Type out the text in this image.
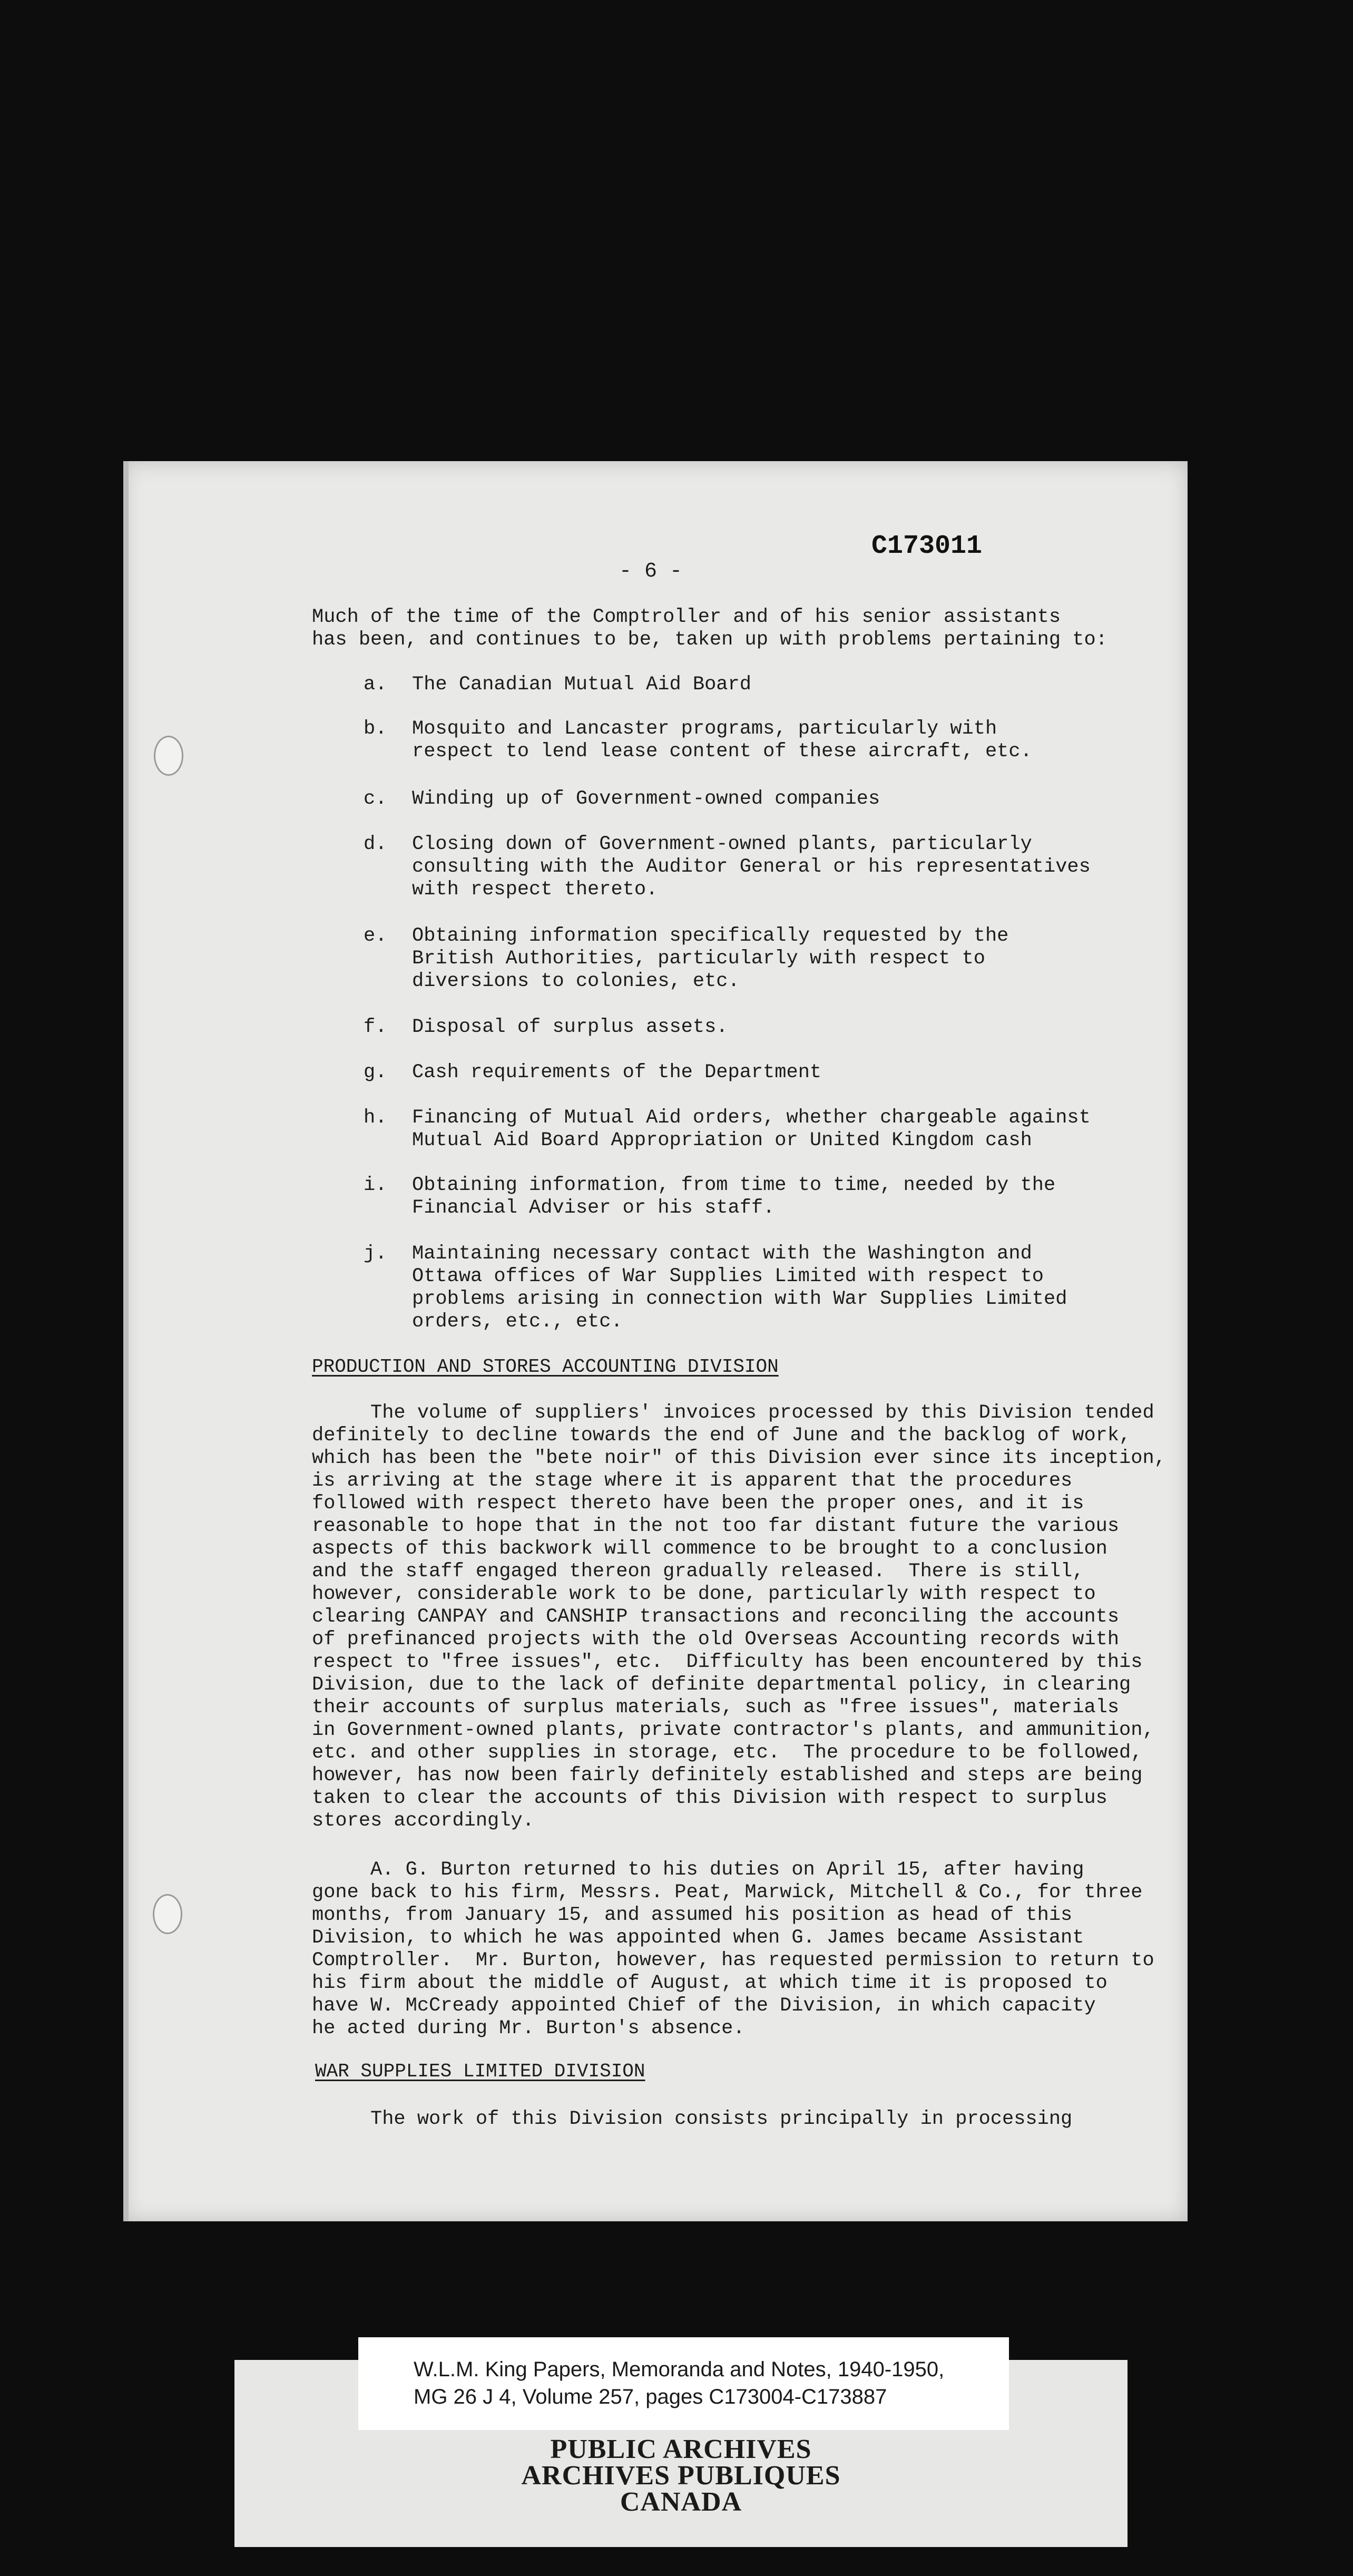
C173011
- 6 -
Much of the time of the Comptroller and of his senior assistants
has been, and continues to be, taken up with problems pertaining to:
a. The Canadian Mutual Aid Board
b. Mosquito and Lancaster programs, particularly with
respect to lend lease content of these aircraft, etc.
c. Winding up of Government-owned companies
d. Closing down of Government-owned plants, particularly
consulting with the Auditor General or his representatives
with respect thereto.
e. Obtaining information specifically requested by the
British Authorities, particularly with respect to
diversions to colonies, etc.
f. Disposal of surplus assets.
g. Cash requirements of the Department
h. Financing of Mutual Aid orders, whether chargeable against
Mutual Aid Board Appropriation or United Kingdom cash
i. Obtaining information, from time to time, needed by the
Financial Adviser or his staff.
j. Maintaining necessary contact with the Washington and
Ottawa offices of War Supplies Limited with respect to
problems arising in connection with War Supplies Limited
orders, etc., etc.
PRODUCTION AND STORES ACCOUNTING DIVISION
The volume of suppliers' invoices processed by this Division tended
definitely to decline towards the end of June and the backlog of work,
which has been the "bete noir" of this Division ever since its inception,
is arriving at the stage where it is apparent that the procedures
followed with respect thereto have been the proper ones, and it is
reasonable to hope that in the not too far distant future the various
aspects of this backwork will commence to be brought to a conclusion
and the staff engaged thereon gradually released.  There is still,
however, considerable work to be done, particularly with respect to
clearing CANPAY and CANSHIP transactions and reconciling the accounts
of prefinanced projects with the old Overseas Accounting records with
respect to "free issues", etc.  Difficulty has been encountered by this
Division, due to the lack of definite departmental policy, in clearing
their accounts of surplus materials, such as "free issues", materials
in Government-owned plants, private contractor's plants, and ammunition,
etc. and other supplies in storage, etc.  The procedure to be followed,
however, has now been fairly definitely established and steps are being
taken to clear the accounts of this Division with respect to surplus
stores accordingly.
A. G. Burton returned to his duties on April 15, after having
gone back to his firm, Messrs. Peat, Marwick, Mitchell & Co., for three
months, from January 15, and assumed his position as head of this
Division, to which he was appointed when G. James became Assistant
Comptroller.  Mr. Burton, however, has requested permission to return to
his firm about the middle of August, at which time it is proposed to
have W. McCready appointed Chief of the Division, in which capacity
he acted during Mr. Burton's absence.
WAR SUPPLIES LIMITED DIVISION
The work of this Division consists principally in processing
W.L.M. King Papers, Memoranda and Notes, 1940-1950,
MG 26 J 4, Volume 257, pages C173004-C173887
PUBLIC ARCHIVES
ARCHIVES PUBLIQUES
CANADA
